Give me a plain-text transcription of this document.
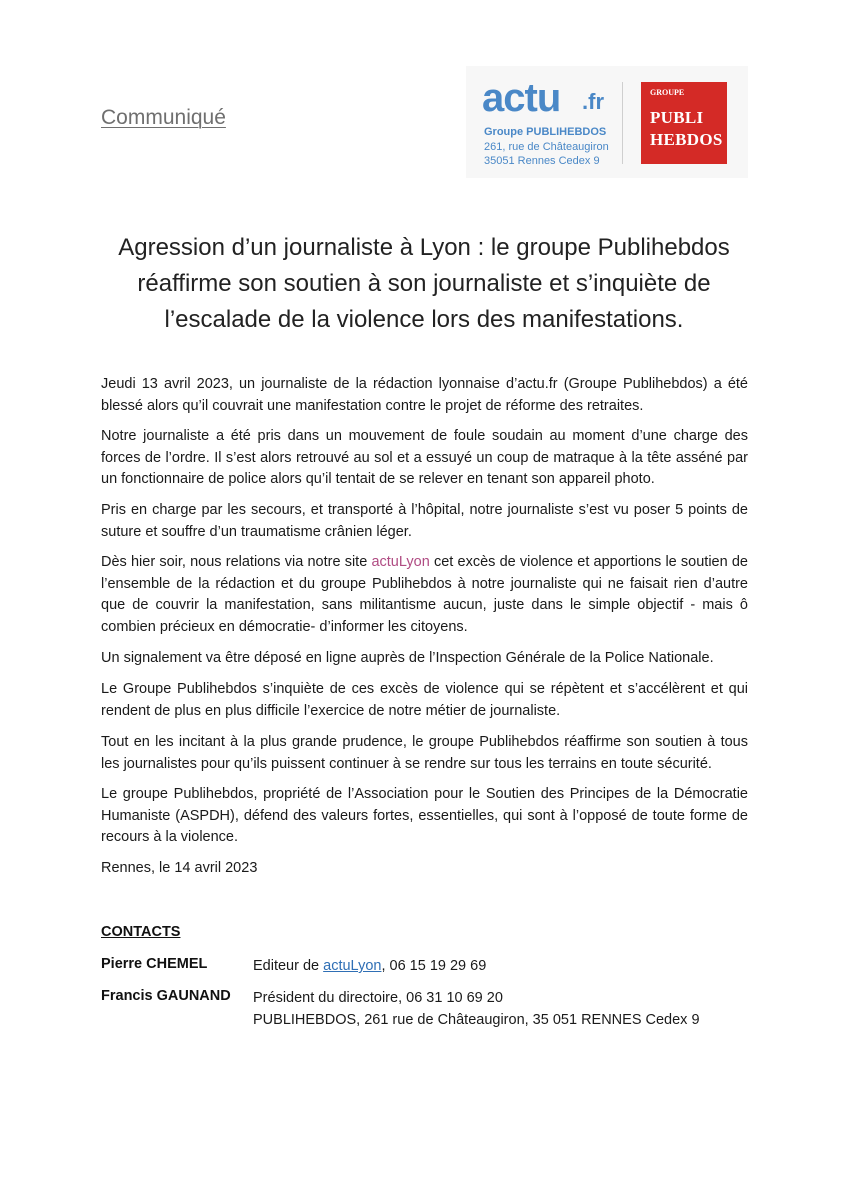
Communiqué	actu .fr
Groupe PUBLIHEBDOS
261, rue de Châteaugiron
35051 Rennes Cedex 9
GROUPE
PUBLI
HEBDOS
Agression d’un journaliste à Lyon : le groupe Publihebdos
réaffirme son soutien à son journaliste et s’inquiète de
l’escalade de la violence lors des manifestations.
Jeudi 13 avril 2023, un journaliste de la rédaction lyonnaise d’actu.fr (Groupe Publihebdos) a été blessé alors qu’il couvrait une manifestation contre le projet de réforme des retraites.
Notre journaliste a été pris dans un mouvement de foule soudain au moment d’une charge des forces de l’ordre. Il s’est alors retrouvé au sol et a essuyé un coup de matraque à la tête asséné par un fonctionnaire de police alors qu’il tentait de se relever en tenant son appareil photo.
Pris en charge par les secours, et transporté à l’hôpital, notre journaliste s’est vu poser 5 points de suture et souffre d’un traumatisme crânien léger.
Dès hier soir, nous relations via notre site actuLyon cet excès de violence et apportions le soutien de l’ensemble de la rédaction et du groupe Publihebdos à notre journaliste qui ne faisait rien d’autre que de couvrir la manifestation, sans militantisme aucun, juste dans le simple objectif - mais ô combien précieux en démocratie- d’informer les citoyens.
Un signalement va être déposé en ligne auprès de l’Inspection Générale de la Police Nationale.
Le Groupe Publihebdos s’inquiète de ces excès de violence qui se répètent et s’accélèrent et qui rendent de plus en plus difficile l’exercice de notre métier de journaliste.
Tout en les incitant à la plus grande prudence, le groupe Publihebdos réaffirme son soutien à tous les journalistes pour qu’ils puissent continuer à se rendre sur tous les terrains en toute sécurité.
Le groupe Publihebdos, propriété de l’Association pour le Soutien des Principes de la Démocratie Humaniste (ASPDH), défend des valeurs fortes, essentielles, qui sont à l’opposé de toute forme de recours à la violence.
Rennes, le 14 avril 2023
CONTACTS
Pierre CHEMEL	Editeur de actuLyon, 06 15 19 29 69
Francis GAUNAND Président du directoire, 06 31 10 69 20
PUBLIHEBDOS, 261 rue de Châteaugiron, 35 051 RENNES Cedex 9
